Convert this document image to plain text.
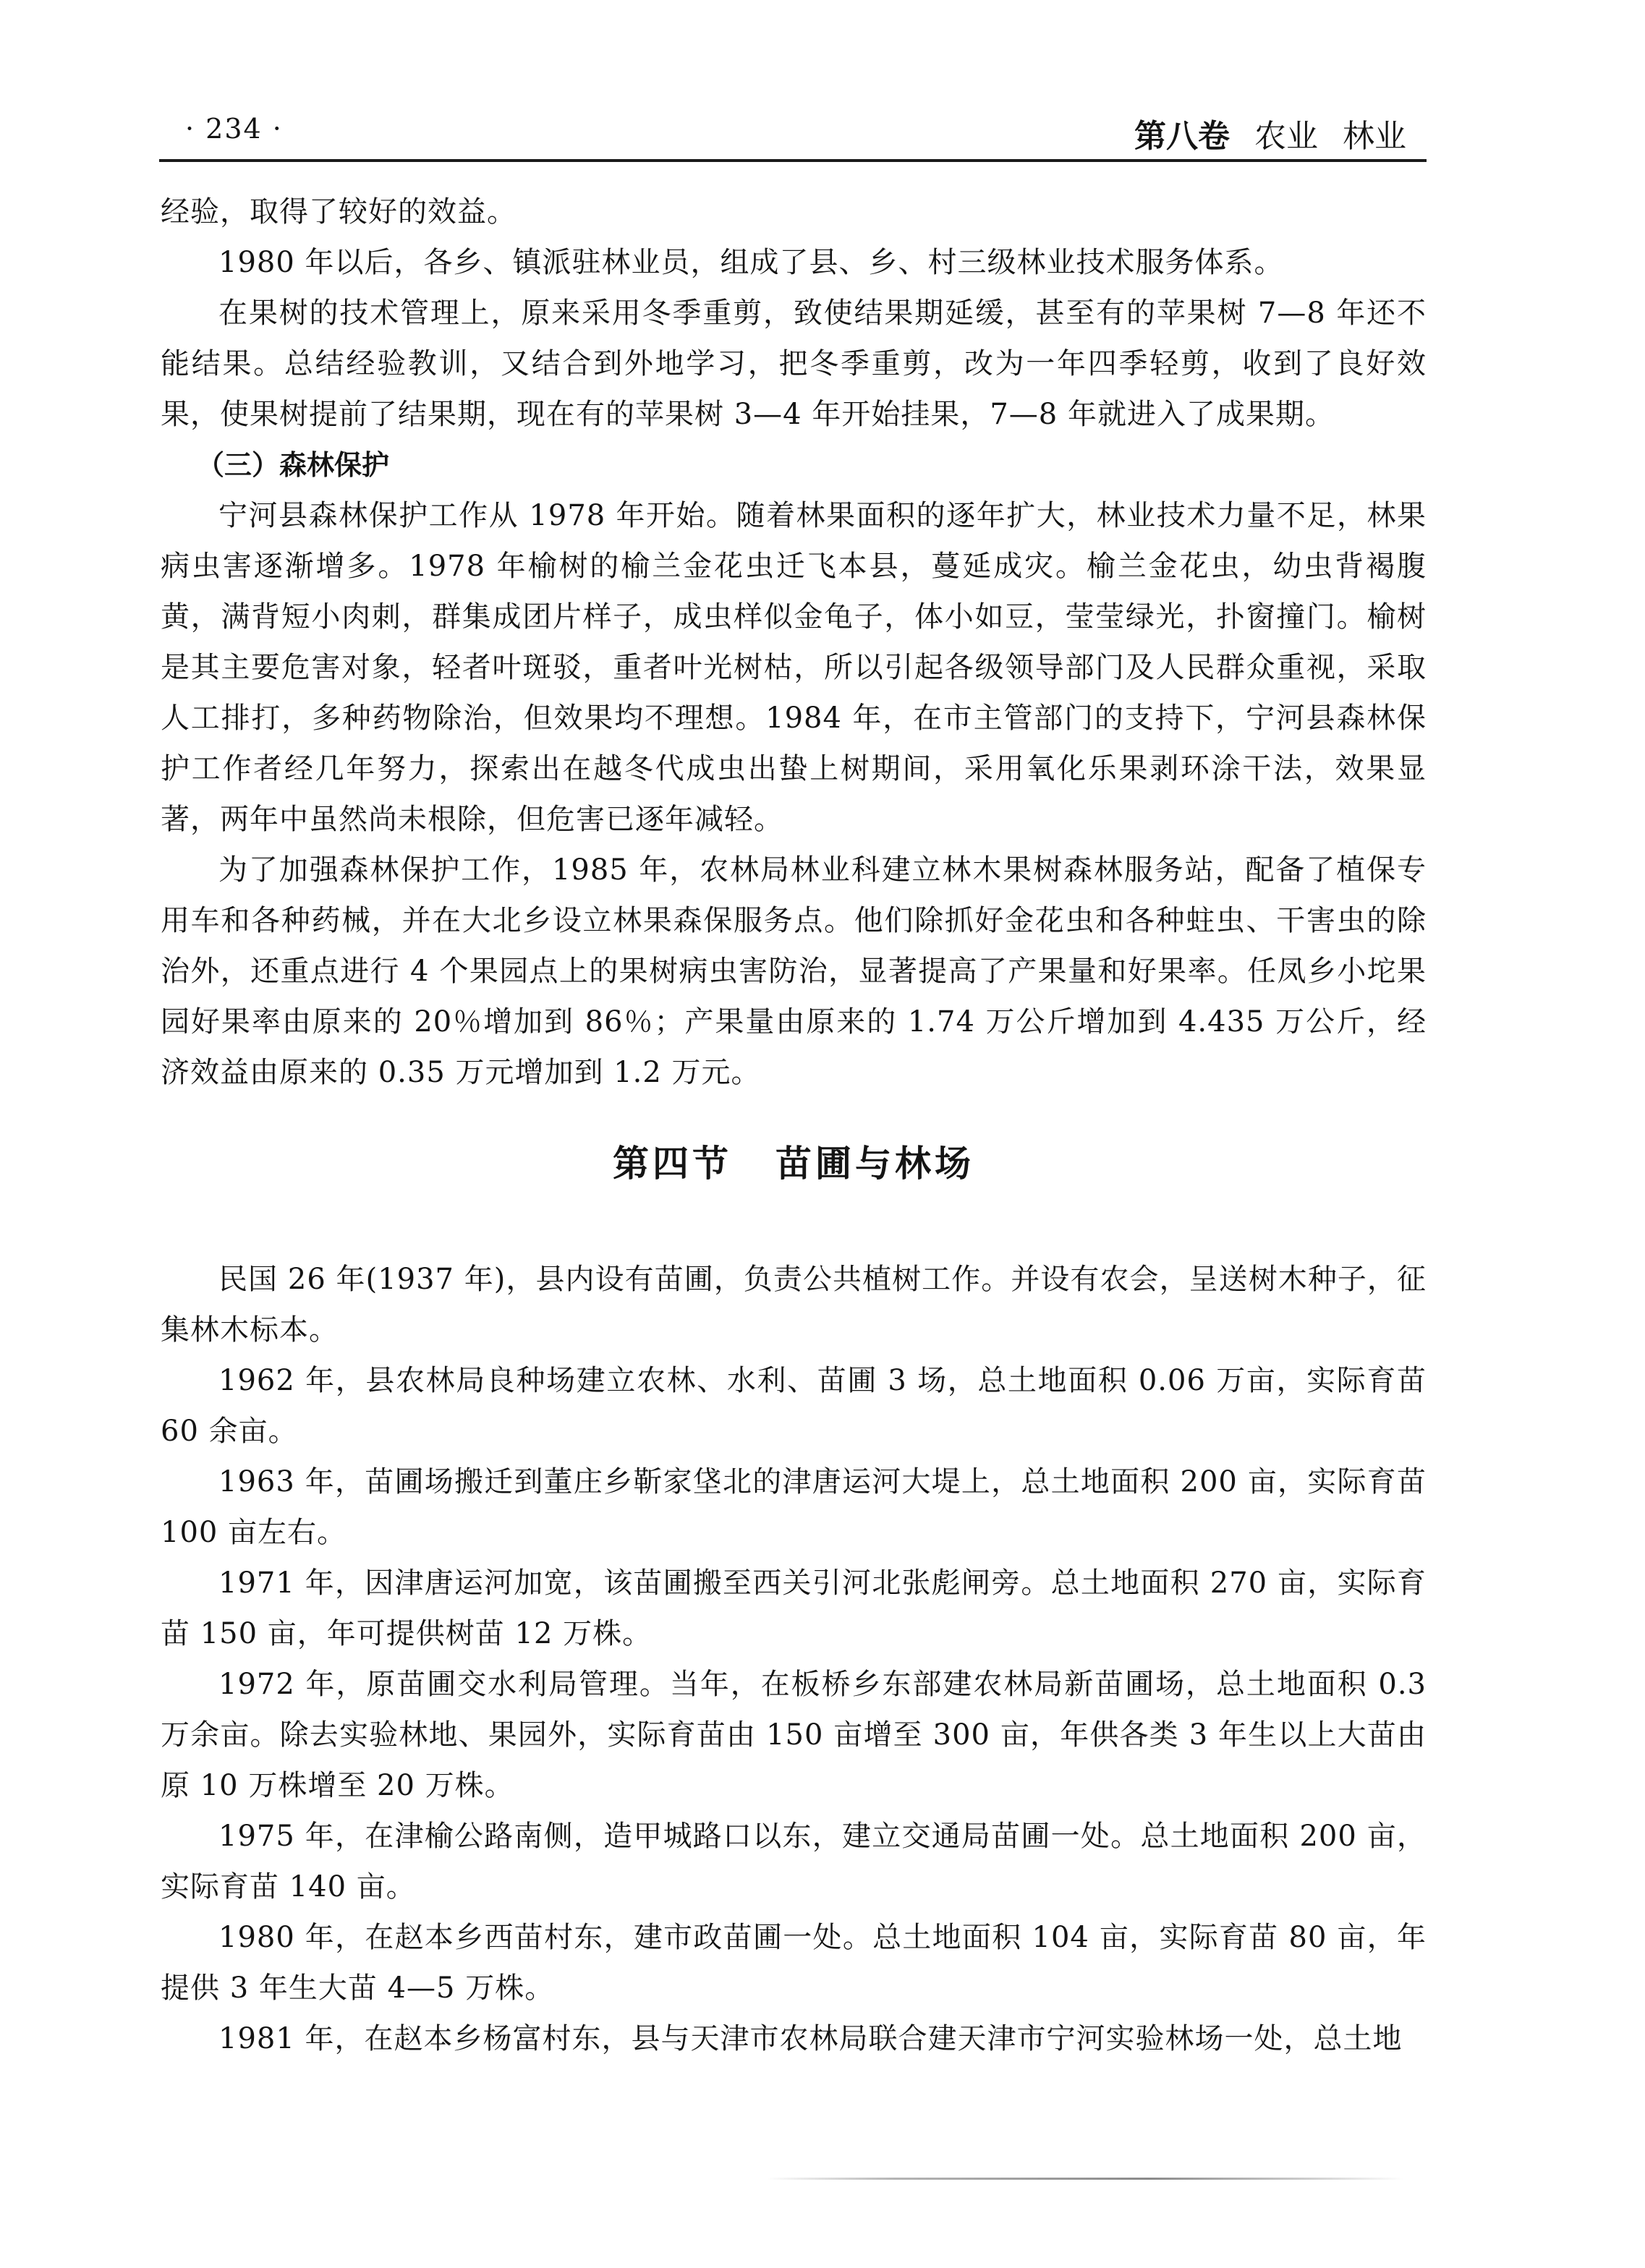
· 234 ·	第八卷 农业 林业

经验，取得了较好的效益。

1980 年以后，各乡、镇派驻林业员，组成了县、乡、村三级林业技术服务体系。

在果树的技术管理上，原来采用冬季重剪，致使结果期延缓，甚至有的苹果树 7—8 年还不能结果。总结经验教训，又结合到外地学习，把冬季重剪，改为一年四季轻剪，收到了良好效果，使果树提前了结果期，现在有的苹果树 3—4 年开始挂果，7—8 年就进入了成果期。

（三）森林保护

宁河县森林保护工作从 1978 年开始。随着林果面积的逐年扩大，林业技术力量不足，林果病虫害逐渐增多。1978 年榆树的榆兰金花虫迁飞本县，蔓延成灾。榆兰金花虫，幼虫背褐腹黄，满背短小肉刺，群集成团片样子，成虫样似金龟子，体小如豆，莹莹绿光，扑窗撞门。榆树是其主要危害对象，轻者叶斑驳，重者叶光树枯，所以引起各级领导部门及人民群众重视，采取人工排打，多种药物除治，但效果均不理想。1984 年，在市主管部门的支持下，宁河县森林保护工作者经几年努力，探索出在越冬代成虫出蛰上树期间，采用氧化乐果剥环涂干法，效果显著，两年中虽然尚未根除，但危害已逐年减轻。

为了加强森林保护工作，1985 年，农林局林业科建立林木果树森林服务站，配备了植保专用车和各种药械，并在大北乡设立林果森保服务点。他们除抓好金花虫和各种蛀虫、干害虫的除治外，还重点进行 4 个果园点上的果树病虫害防治，显著提高了产果量和好果率。任凤乡小坨果园好果率由原来的 20％增加到 86％；产果量由原来的 1.74 万公斤增加到 4.435 万公斤，经济效益由原来的 0.35 万元增加到 1.2 万元。

第四节 苗圃与林场

民国 26 年(1937 年)，县内设有苗圃，负责公共植树工作。并设有农会，呈送树木种子，征集林木标本。

1962 年，县农林局良种场建立农林、水利、苗圃 3 场，总土地面积 0.06 万亩，实际育苗 60 余亩。

1963 年，苗圃场搬迁到董庄乡靳家垡北的津唐运河大堤上，总土地面积 200 亩，实际育苗 100 亩左右。

1971 年，因津唐运河加宽，该苗圃搬至西关引河北张彪闸旁。总土地面积 270 亩，实际育苗 150 亩，年可提供树苗 12 万株。

1972 年，原苗圃交水利局管理。当年，在板桥乡东部建农林局新苗圃场，总土地面积 0.3 万余亩。除去实验林地、果园外，实际育苗由 150 亩增至 300 亩，年供各类 3 年生以上大苗由原 10 万株增至 20 万株。

1975 年，在津榆公路南侧，造甲城路口以东，建立交通局苗圃一处。总土地面积 200 亩，实际育苗 140 亩。

1980 年，在赵本乡西苗村东，建市政苗圃一处。总土地面积 104 亩，实际育苗 80 亩，年提供 3 年生大苗 4—5 万株。

1981 年，在赵本乡杨富村东，县与天津市农林局联合建天津市宁河实验林场一处，总土地
